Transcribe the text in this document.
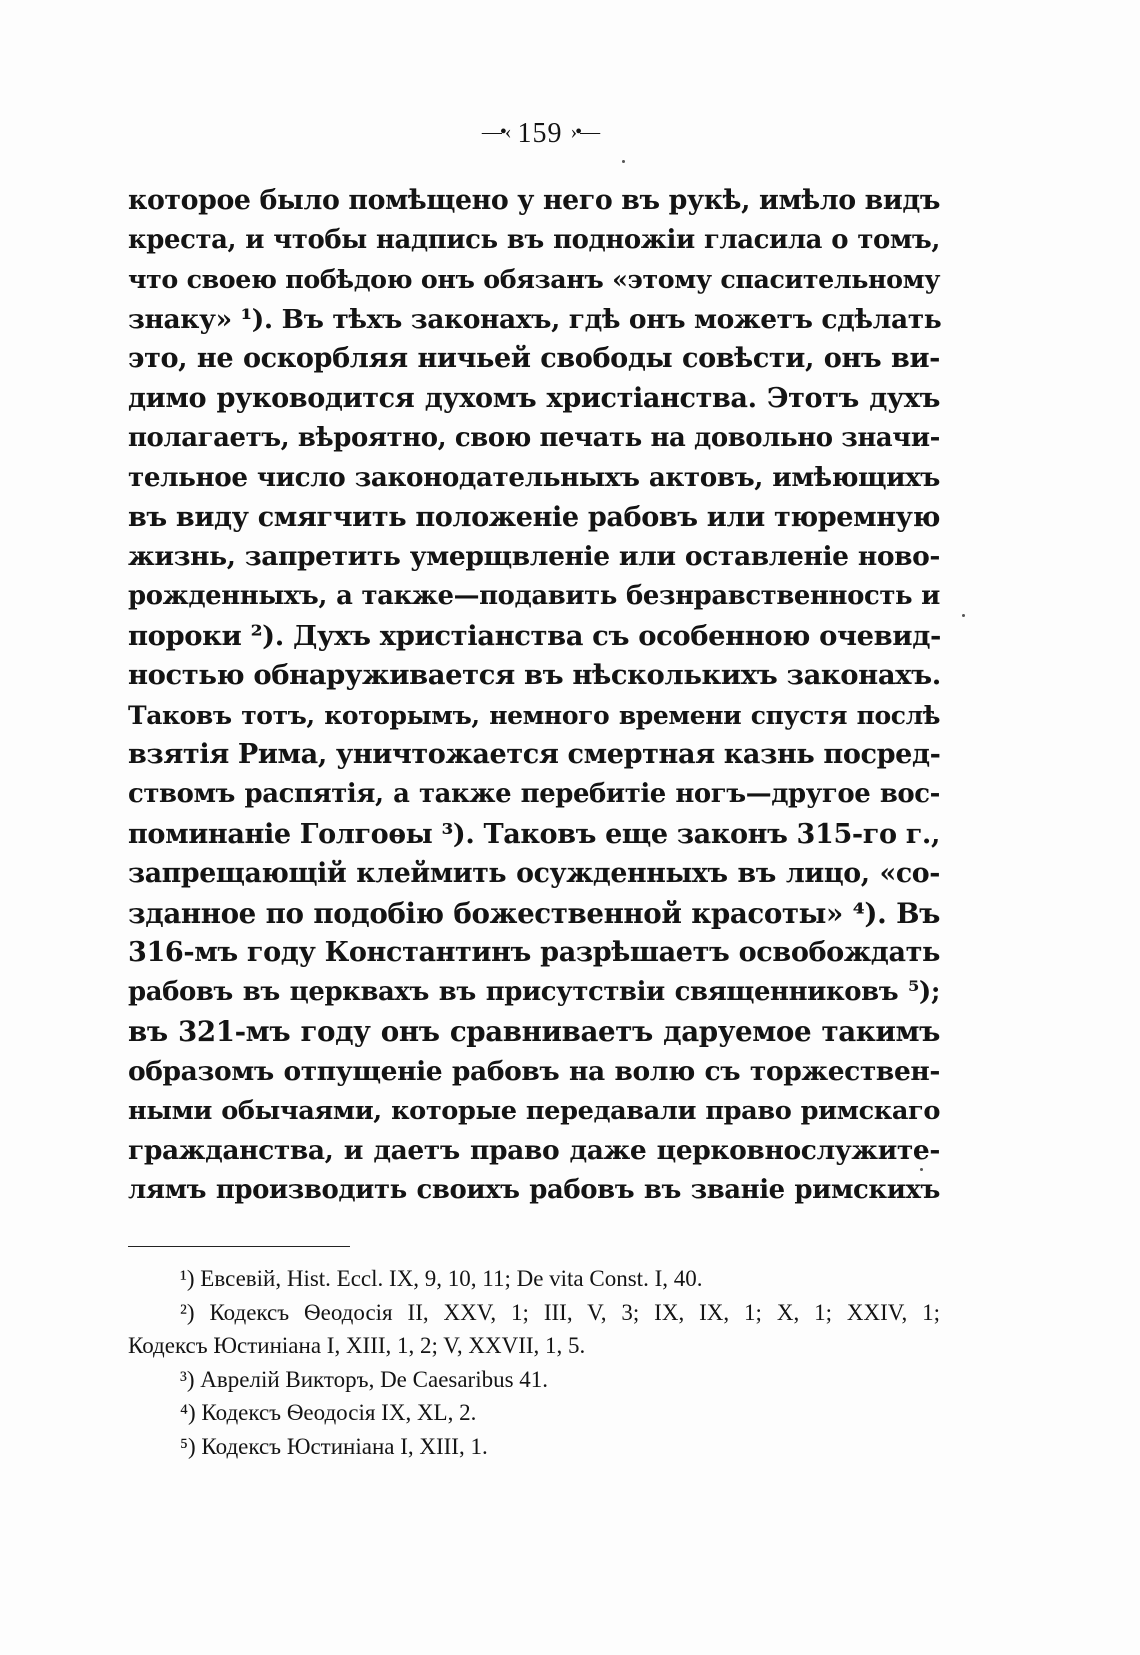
—•‹ 159 ›•—
которое было помѣщено у него въ рукѣ, имѣло видъ
креста, и чтобы надпись въ подножіи гласила о томъ,
что своею побѣдою онъ обязанъ «этому спасительному
знаку» ¹). Въ тѣхъ законахъ, гдѣ онъ можетъ сдѣлать
это, не оскорбляя ничьей свободы совѣсти, онъ ви-
димо руководится духомъ христіанства. Этотъ духъ
полагаетъ, вѣроятно, свою печать на довольно значи-
тельное число законодательныхъ актовъ, имѣющихъ
въ виду смягчить положеніе рабовъ или тюремную
жизнь, запретить умерщвленіе или оставленіе ново-
рожденныхъ, а также—подавить безнравственность и
пороки ²). Духъ христіанства съ особенною очевид-
ностью обнаруживается въ нѣсколькихъ законахъ.
Таковъ тотъ, которымъ, немного времени спустя послѣ
взятія Рима, уничтожается смертная казнь посред-
ствомъ распятія, а также перебитіе ногъ—другое вос-
поминаніе Голгоѳы ³). Таковъ еще законъ 315-го г.,
запрещающій клеймить осужденныхъ въ лицо, «со-
зданное по подобію божественной красоты» ⁴). Въ
316-мъ году Константинъ разрѣшаетъ освобождать
рабовъ въ церквахъ въ присутствіи священниковъ ⁵);
въ 321-мъ году онъ сравниваетъ даруемое такимъ
образомъ отпущеніе рабовъ на волю съ торжествен-
ными обычаями, которые передавали право римскаго
гражданства, и даетъ право даже церковнослужите-
лямъ производить своихъ рабовъ въ званіе римскихъ
¹) Евсевій, Hist. Eccl. IX, 9, 10, 11; De vita Const. I, 40.
²) Кодексъ Ѳеодосія II, XXV, 1; III, V, 3; IX, IX, 1; X, 1; XXIV, 1;
Кодексъ Юстиніана I, XIII, 1, 2; V, XXVII, 1, 5.
³) Аврелій Викторъ, De Caesaribus 41.
⁴) Кодексъ Ѳеодосія IX, XL, 2.
⁵) Кодексъ Юстиніана I, XIII, 1.
